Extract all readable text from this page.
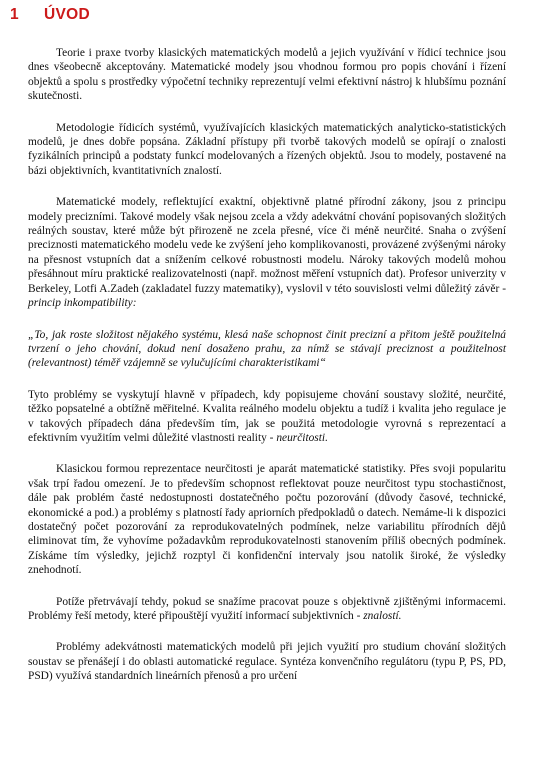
1 ÚVOD

Teorie i praxe tvorby klasických matematických modelů a jejich využívání v řídicí technice jsou dnes všeobecně akceptovány. Matematické modely jsou vhodnou formou pro popis chování i řízení objektů a spolu s prostředky výpočetní techniky reprezentují velmi efektivní nástroj k hlubšímu poznání skutečnosti.

Metodologie řídicích systémů, využívajících klasických matematických analyticko-statistických modelů, je dnes dobře popsána. Základní přístupy při tvorbě takových modelů se opírají o znalosti fyzikálních principů a podstaty funkcí modelovaných a řízených objektů. Jsou to modely, postavené na bázi objektivních, kvantitativních znalostí.

Matematické modely, reflektující exaktní, objektivně platné přírodní zákony, jsou z principu modely precizními. Takové modely však nejsou zcela a vždy adekvátní chování popisovaných složitých reálných soustav, které může být přirozeně ne zcela přesné, více či méně neurčité. Snaha o zvýšení preciznosti matematického modelu vede ke zvýšení jeho komplikovanosti, provázené zvýšenými nároky na přesnost vstupních dat a snížením celkové robustnosti modelu. Nároky takových modelů mohou přesáhnout míru praktické realizovatelnosti (např. možnost měření vstupních dat). Profesor univerzity v Berkeley, Lotfi A.Zadeh (zakladatel fuzzy matematiky), vyslovil v této souvislosti velmi důležitý závěr - princip inkompatibility:

„To, jak roste složitost nějakého systému, klesá naše schopnost činit precizní a přitom ještě použitelná tvrzení o jeho chování, dokud není dosaženo prahu, za nímž se stávají preciznost a použitelnost (relevantnost) téměř vzájemně se vylučujícími charakteristikami“

Tyto problémy se vyskytují hlavně v případech, kdy popisujeme chování soustavy složité, neurčité, těžko popsatelné a obtížně měřitelné. Kvalita reálného modelu objektu a tudíž i kvalita jeho regulace je v takových případech dána především tím, jak se použitá metodologie vyrovná s reprezentací a efektivním využitím velmi důležité vlastnosti reality - neurčitosti.

Klasickou formou reprezentace neurčitosti je aparát matematické statistiky. Přes svoji popularitu však trpí řadou omezení. Je to především schopnost reflektovat pouze neurčitost typu stochastičnost, dále pak problém časté nedostupnosti dostatečného počtu pozorování (důvody časové, technické, ekonomické a pod.) a problémy s platností řady apriorních předpokladů o datech. Nemáme-li k dispozici dostatečný počet pozorování za reprodukovatelných podmínek, nelze variabilitu přírodních dějů eliminovat tím, že vyhovíme požadavkům reprodukovatelnosti stanovením příliš obecných podmínek. Získáme tím výsledky, jejichž rozptyl či konfidenční intervaly jsou natolik široké, že výsledky znehodnotí.

Potíže přetrvávají tehdy, pokud se snažíme pracovat pouze s objektivně zjištěnými informacemi. Problémy řeší metody, které připouštějí využití informací subjektivních - znalostí.

Problémy adekvátnosti matematických modelů při jejich využití pro studium chování složitých soustav se přenášejí i do oblasti automatické regulace. Syntéza konvenčního regulátoru (typu P, PS, PD, PSD) využívá standardních lineárních přenosů a pro určení
